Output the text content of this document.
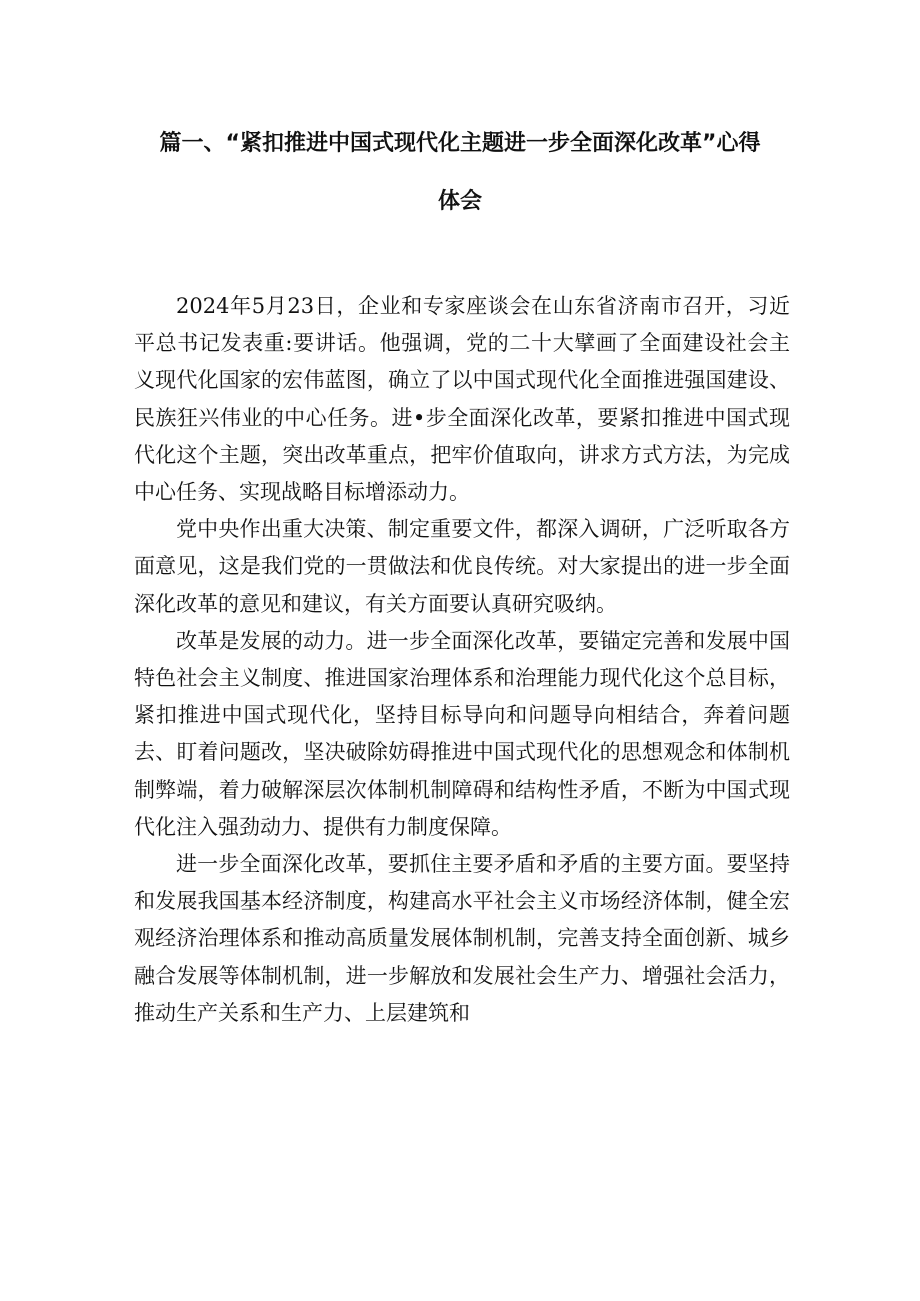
篇一、“紧扣推进中国式现代化主题进一步全面深化改革”心得
体会

2024年5月23日，企业和专家座谈会在山东省济南市召开，习近平总书记发表重:要讲话。他强调，党的二十大擘画了全面建设社会主义现代化国家的宏伟蓝图，确立了以中国式现代化全面推进强国建设、民族狂兴伟业的中心任务。进•步全面深化改革，要紧扣推进中国式现代化这个主题，突出改革重点，把牢价值取向，讲求方式方法，为完成中心任务、实现战略目标增添动力。

党中央作出重大决策、制定重要文件，都深入调研，广泛听取各方面意见，这是我们党的一贯做法和优良传统。对大家提出的进一步全面深化改革的意见和建议，有关方面要认真研究吸纳。

改革是发展的动力。进一步全面深化改革，要锚定完善和发展中国特色社会主义制度、推进国家治理体系和治理能力现代化这个总目标，紧扣推进中国式现代化，坚持目标导向和问题导向相结合，奔着问题去、盯着问题改，坚决破除妨碍推进中国式现代化的思想观念和体制机制弊端，着力破解深层次体制机制障碍和结构性矛盾，不断为中国式现代化注入强劲动力、提供有力制度保障。

进一步全面深化改革，要抓住主要矛盾和矛盾的主要方面。要坚持和发展我国基本经济制度，构建高水平社会主义市场经济体制，健全宏观经济治理体系和推动高质量发展体制机制，完善支持全面创新、城乡融合发展等体制机制，进一步解放和发展社会生产力、增强社会活力，推动生产关系和生产力、上层建筑和
